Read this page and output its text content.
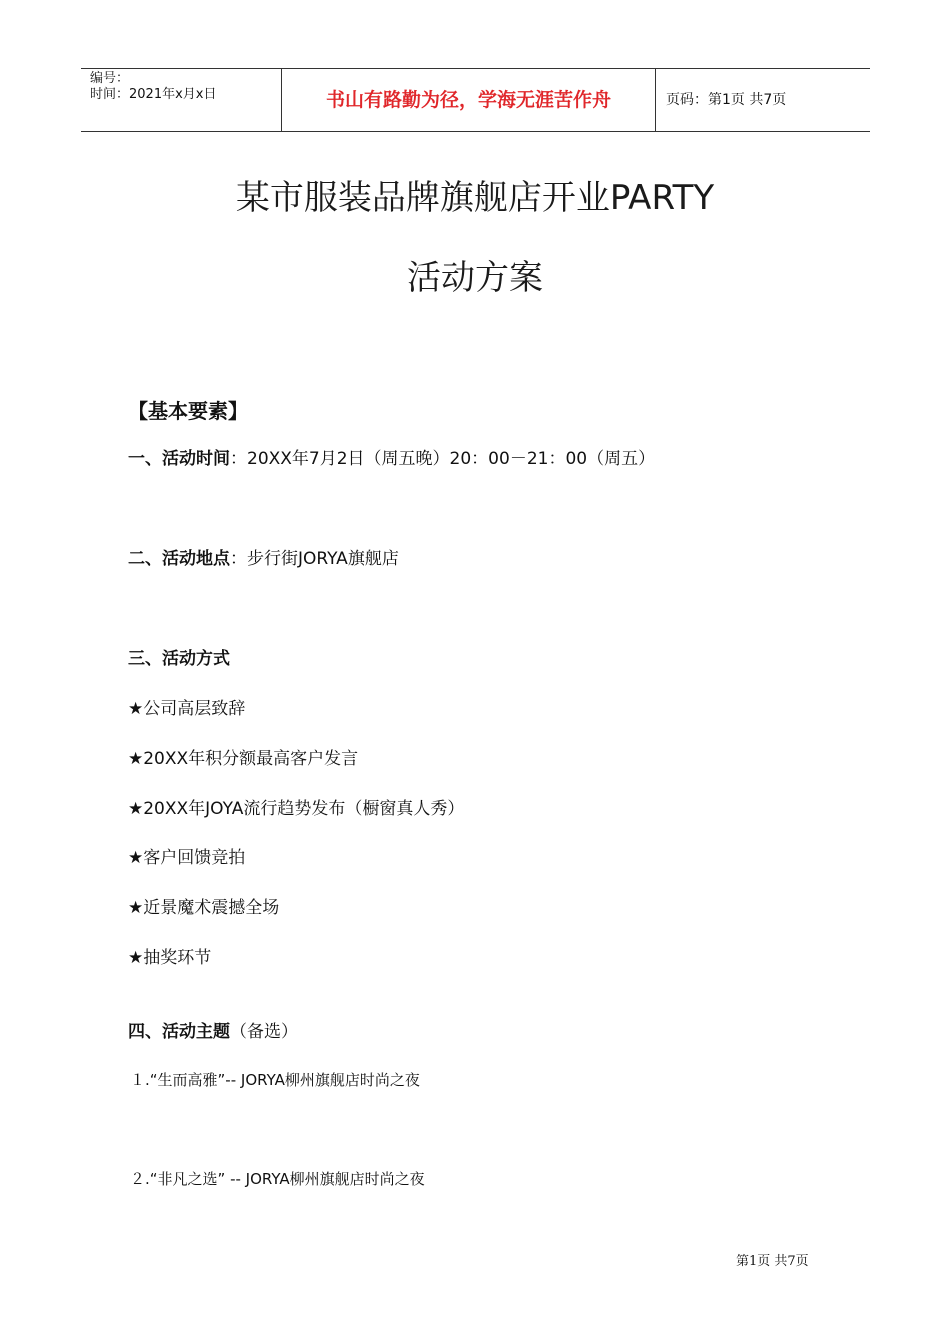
编号：
时间：2021年x月x日	书山有路勤为径，学海无涯苦作舟	页码：第1页 共7页
某市服装品牌旗舰店开业PARTY
活动方案
【基本要素】
一、活动时间：20XX年7月2日（周五晚）20：00－21：00（周五）
二、活动地点：步行街JORYA旗舰店
三、活动方式
★公司高层致辞
★20XX年积分额最高客户发言
★20XX年JOYA流行趋势发布（橱窗真人秀）
★客户回馈竞拍
★近景魔术震撼全场
★抽奖环节
四、活动主题（备选）
１.“生而高雅”-- JORYA柳州旗舰店时尚之夜
２.“非凡之选” -- JORYA柳州旗舰店时尚之夜
第1页 共7页
